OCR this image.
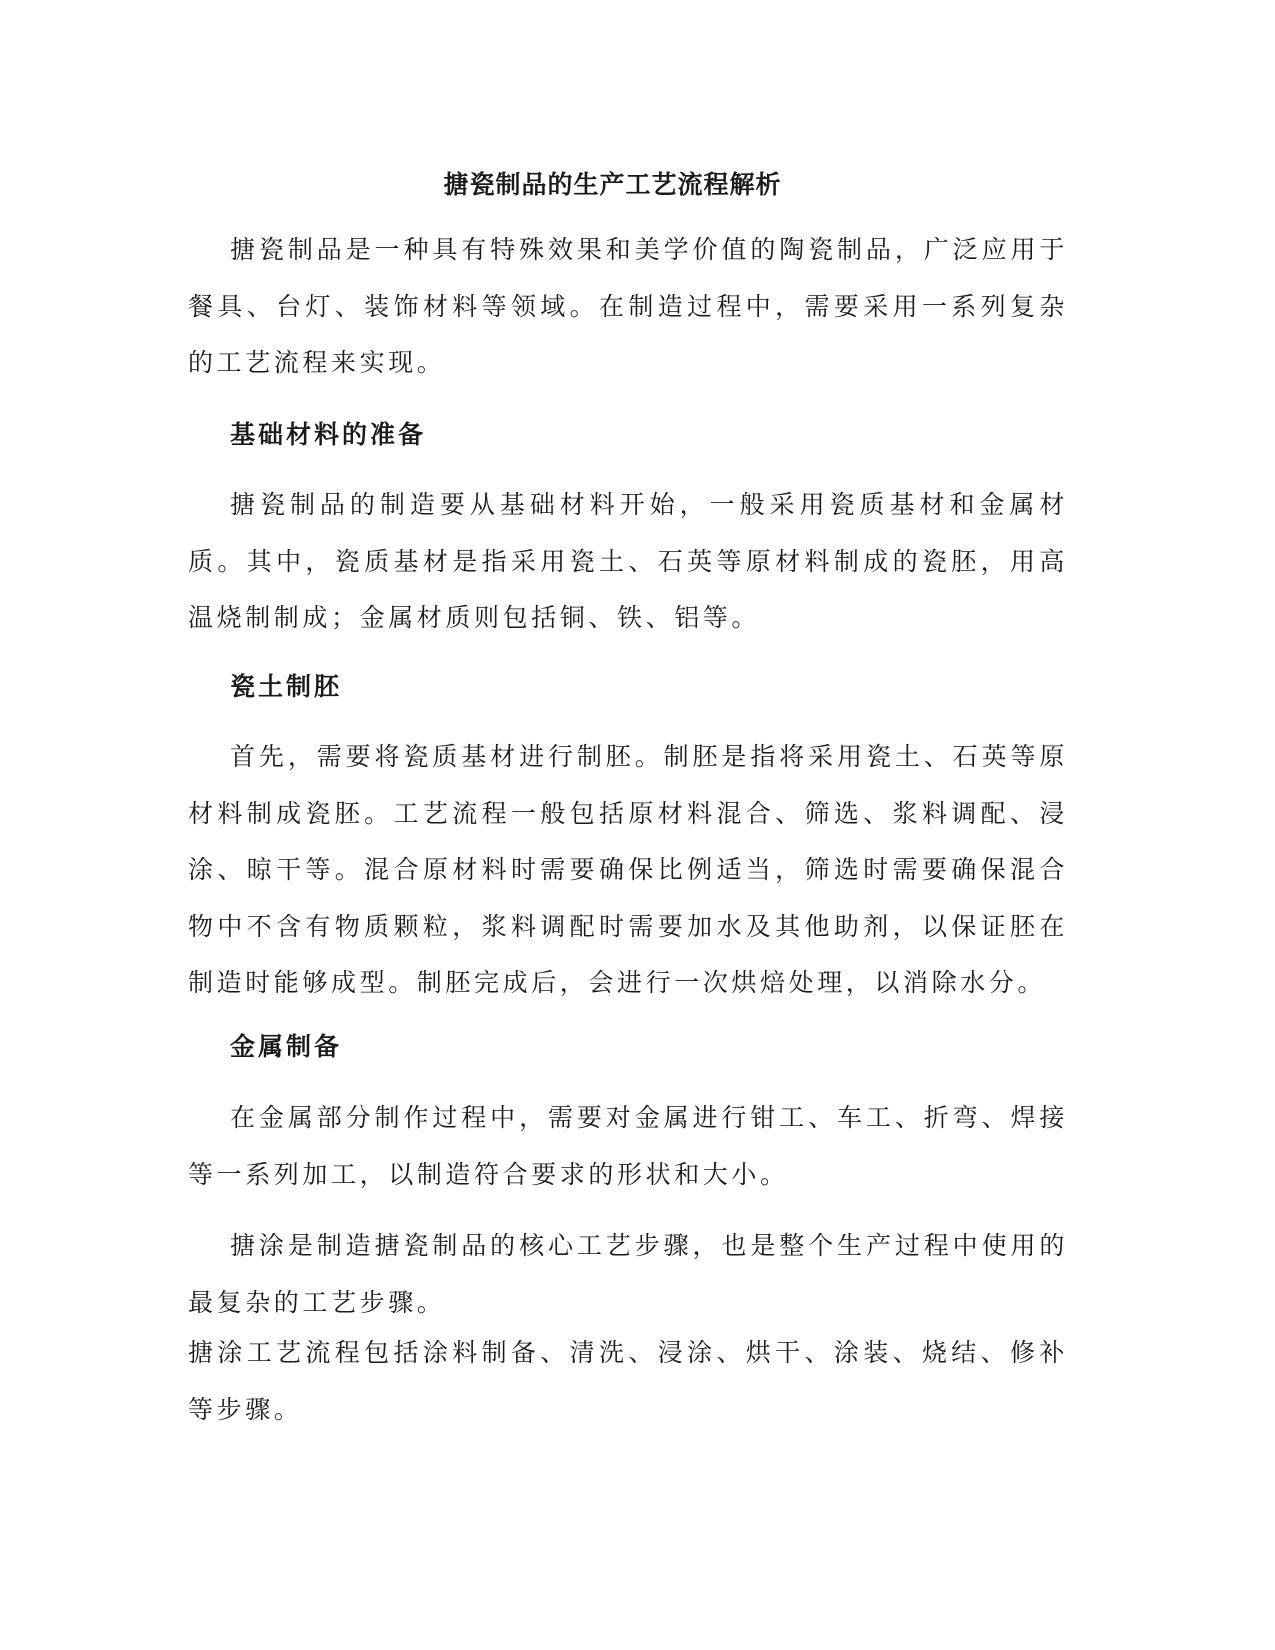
搪瓷制品的生产工艺流程解析

搪瓷制品是一种具有特殊效果和美学价值的陶瓷制品，广泛应用于餐具、台灯、装饰材料等领域。在制造过程中，需要采用一系列复杂的工艺流程来实现。

基础材料的准备

搪瓷制品的制造要从基础材料开始，一般采用瓷质基材和金属材质。其中，瓷质基材是指采用瓷土、石英等原材料制成的瓷胚，用高温烧制制成；金属材质则包括铜、铁、铝等。

瓷土制胚

首先，需要将瓷质基材进行制胚。制胚是指将采用瓷土、石英等原材料制成瓷胚。工艺流程一般包括原材料混合、筛选、浆料调配、浸涂、晾干等。混合原材料时需要确保比例适当，筛选时需要确保混合物中不含有物质颗粒，浆料调配时需要加水及其他助剂，以保证胚在制造时能够成型。制胚完成后，会进行一次烘焙处理，以消除水分。

金属制备

在金属部分制作过程中，需要对金属进行钳工、车工、折弯、焊接等一系列加工，以制造符合要求的形状和大小。

搪涂是制造搪瓷制品的核心工艺步骤，也是整个生产过程中使用的最复杂的工艺步骤。

搪涂工艺流程包括涂料制备、清洗、浸涂、烘干、涂装、烧结、修补等步骤。
